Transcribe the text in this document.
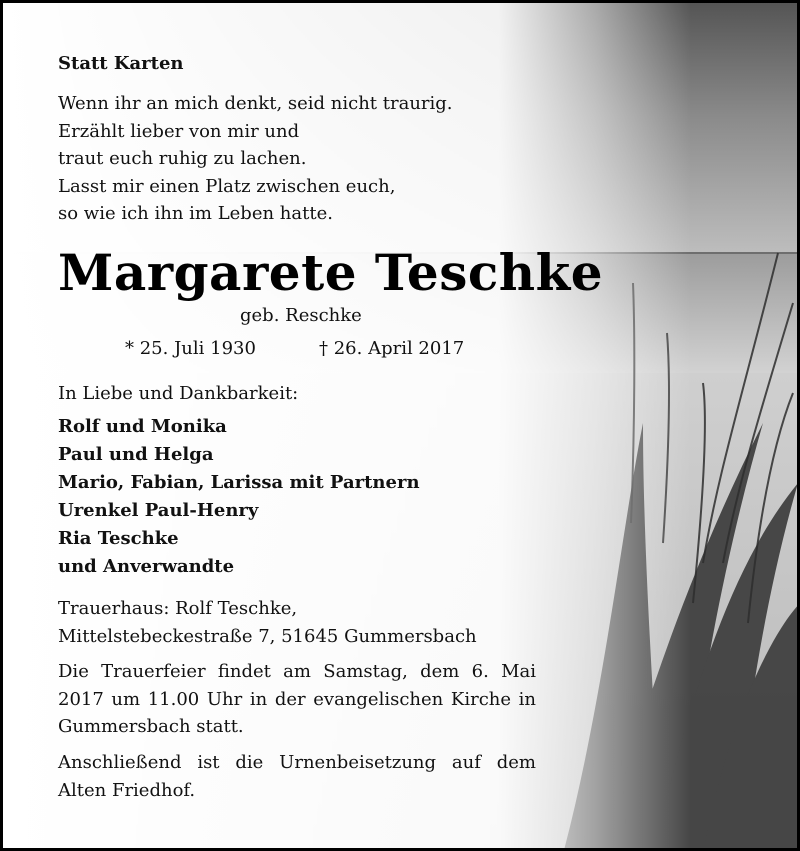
Statt Karten

Wenn ihr an mich denkt, seid nicht traurig.
Erzählt lieber von mir und
traut euch ruhig zu lachen.
Lasst mir einen Platz zwischen euch,
so wie ich ihn im Leben hatte.

Margarete Teschke

geb. Reschke

* 25. Juli 1930	† 26. April 2017

In Liebe und Dankbarkeit:

Rolf und Monika
Paul und Helga
Mario, Fabian, Larissa mit Partnern
Urenkel Paul-Henry
Ria Teschke
und Anverwandte
Trauerhaus: Rolf Teschke,
Mittelstebeckestraße 7, 51645 Gummersbach

Die Trauerfeier findet am Samstag, dem 6. Mai 2017 um 11.00 Uhr in der evangelischen Kirche in Gummersbach statt.

Anschließend ist die Urnenbeisetzung auf dem Alten Friedhof.
